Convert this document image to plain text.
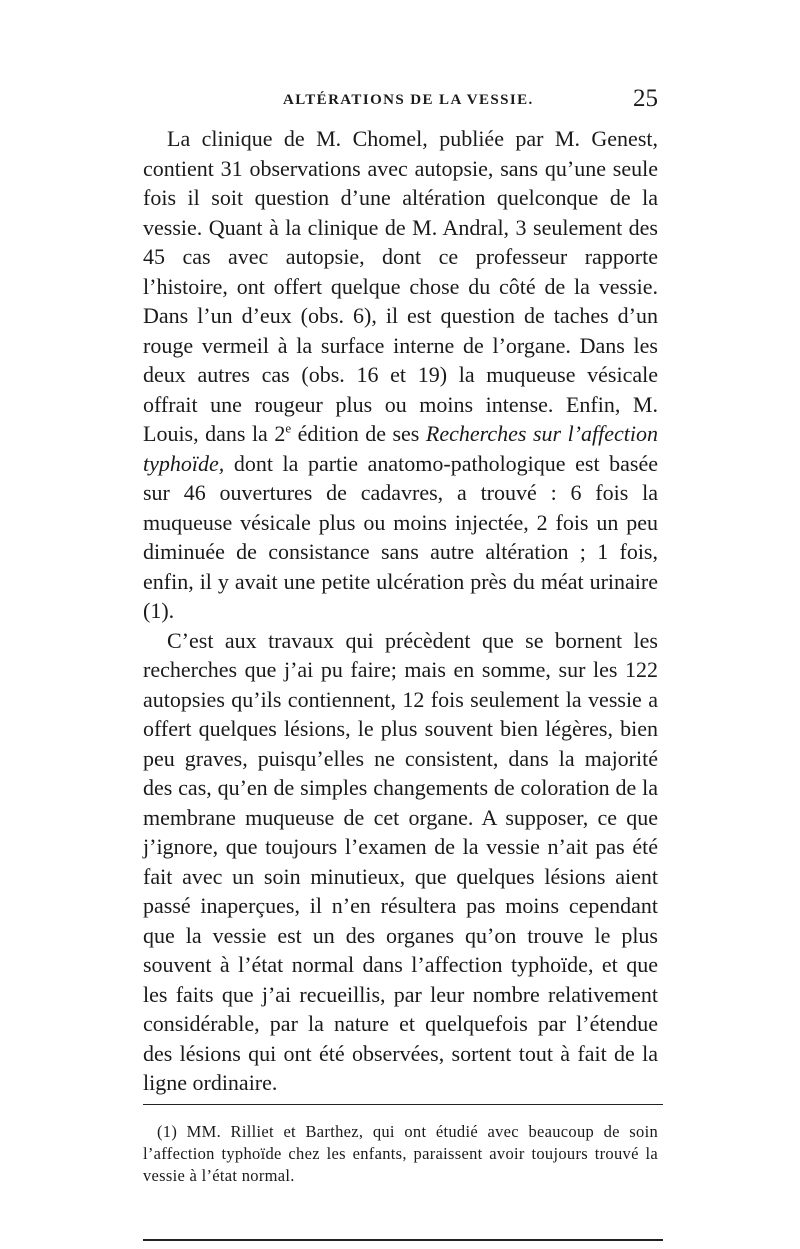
ALTÉRATIONS DE LA VESSIE.	25

La clinique de M. Chomel, publiée par M. Genest, contient 31 observations avec autopsie, sans qu’une seule fois il soit question d’une altération quelconque de la vessie. Quant à la clinique de M. Andral, 3 seulement des 45 cas avec autopsie, dont ce professeur rapporte l’histoire, ont offert quelque chose du côté de la vessie. Dans l’un d’eux (obs. 6), il est question de taches d’un rouge vermeil à la surface interne de l’organe. Dans les deux autres cas (obs. 16 et 19) la muqueuse vésicale offrait une rougeur plus ou moins intense. Enfin, M. Louis, dans la 2e édition de ses Recherches sur l’affection typhoïde, dont la partie anatomo-pathologique est basée sur 46 ouvertures de cadavres, a trouvé : 6 fois la muqueuse vésicale plus ou moins injectée, 2 fois un peu diminuée de consistance sans autre altération ; 1 fois, enfin, il y avait une petite ulcération près du méat urinaire (1).

C’est aux travaux qui précèdent que se bornent les recherches que j’ai pu faire; mais en somme, sur les 122 autopsies qu’ils contiennent, 12 fois seulement la vessie a offert quelques lésions, le plus souvent bien légères, bien peu graves, puisqu’elles ne consistent, dans la majorité des cas, qu’en de simples changements de coloration de la membrane muqueuse de cet organe. A supposer, ce que j’ignore, que toujours l’examen de la vessie n’ait pas été fait avec un soin minutieux, que quelques lésions aient passé inaperçues, il n’en résultera pas moins cependant que la vessie est un des organes qu’on trouve le plus souvent à l’état normal dans l’affection typhoïde, et que les faits que j’ai recueillis, par leur nombre relativement considérable, par la nature et quelquefois par l’étendue des lésions qui ont été observées, sortent tout à fait de la ligne ordinaire.

(1) MM. Rilliet et Barthez, qui ont étudié avec beaucoup de soin l’affection typhoïde chez les enfants, paraissent avoir toujours trouvé la vessie à l’état normal.
